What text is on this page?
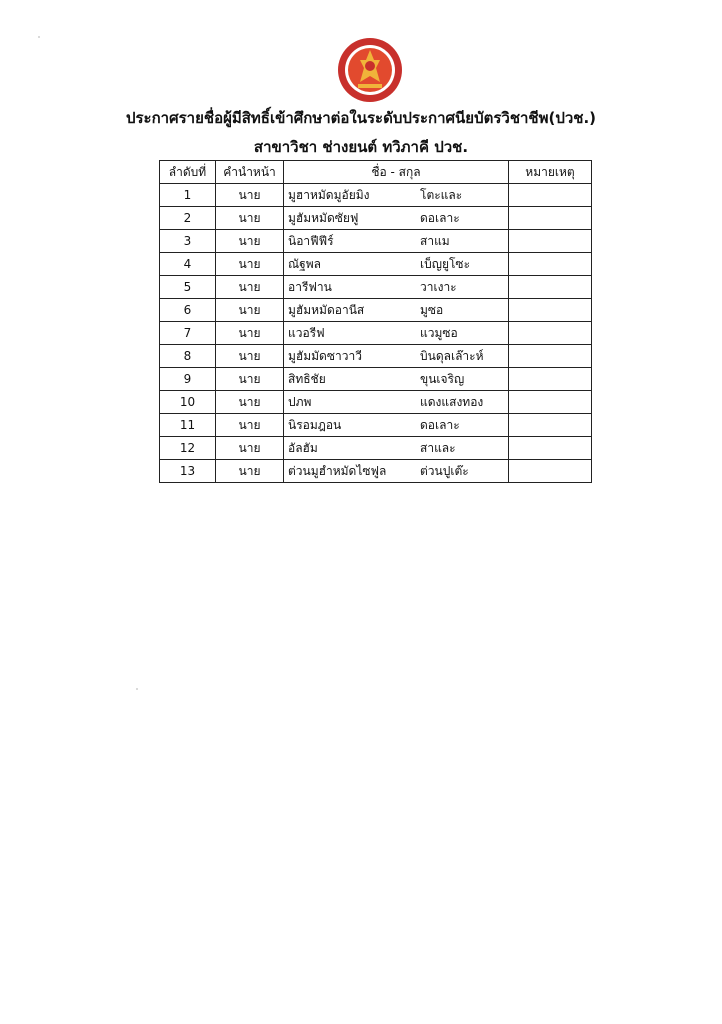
ประกาศรายชื่อผู้มีสิทธิ์เข้าศึกษาต่อในระดับประกาศนียบัตรวิชาชีพ(ปวช.)
สาขาวิชา ช่างยนต์ ทวิภาคี ปวช.
ลำดับที่	คำนำหน้า	ชื่อ - สกุล	หมายเหตุ
1	นาย	มูฮาหมัดมูอัยมิง โตะและ	

2	นาย	มูฮัมหมัดซัยฟู ดอเลาะ	

3	นาย	นิอาฟีฟีร์ สาแม	

4	นาย	ณัฐพล เบ็ญยูโซะ	

5	นาย	อารีฟาน วาเงาะ	

6	นาย	มูฮัมหมัดอานีส มูซอ	

7	นาย	แวอรีฟ แวมูซอ	

8	นาย	มูฮัมมัดซาวาวี บินดุลเล๊าะห์	

9	นาย	สิทธิชัย ขุนเจริญ	

10	นาย	ปภพ แดงแสงทอง	

11	นาย	นิรอมฎอน ดอเลาะ	

12	นาย	อัลฮัม สาและ	

13	นาย	ต่วนมูฮำหมัดไซฟูล ต่วนปูเต๊ะ	
